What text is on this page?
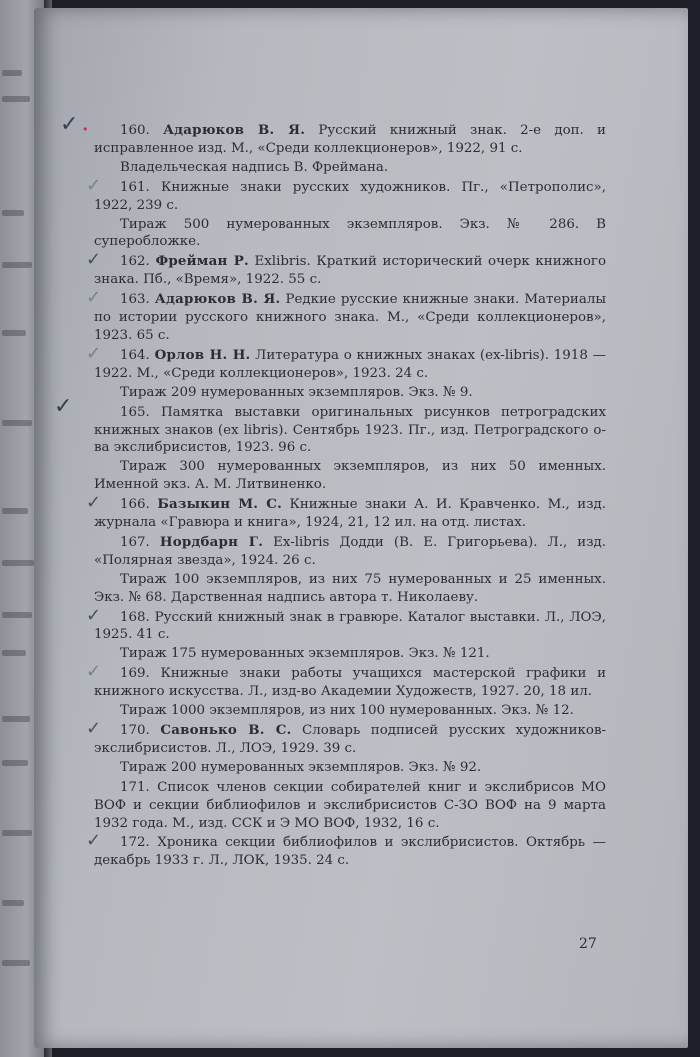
✓ •	160. Адарюков В. Я. Русский книжный знак. 2-е доп. и исправленное изд. М., «Среди коллекционеров», 1922, 91 с.

Владельческая надпись В. Фреймана.

✓	161. Книжные знаки русских художников. Пг., «Петрополис», 1922, 239 с.

Тираж 500 нумерованных экземпляров. Экз. № 286. В суперобложке.

✓	162. Фрейман Р. Exlibris. Краткий исторический очерк книжного знака. Пб., «Время», 1922. 55 с.

✓	163. Адарюков В. Я. Редкие русские книжные знаки. Материалы по истории русского книжного знака. М., «Среди коллекционеров», 1923. 65 с.

✓	164. Орлов Н. Н. Литература о книжных знаках (ex-libris). 1918 — 1922. М., «Среди коллекционеров», 1923. 24 с.

Тираж 209 нумерованных экземпляров. Экз. № 9.

✓	165. Памятка выставки оригинальных рисунков петроградских книжных знаков (ex libris). Сентябрь 1923. Пг., изд. Петроградского о-ва экслибрисистов, 1923. 96 с.

Тираж 300 нумерованных экземпляров, из них 50 именных. Именной экз. А. М. Литвиненко.

✓	166. Базыкин М. С. Книжные знаки А. И. Кравченко. М., изд. журнала «Гравюра и книга», 1924, 21, 12 ил. на отд. листах.

167. Нордбарн Г. Ex-libris Додди (В. Е. Григорьева). Л., изд. «Полярная звезда», 1924. 26 с.

Тираж 100 экземпляров, из них 75 нумерованных и 25 именных. Экз. № 68. Дарственная надпись автора т. Николаеву.

✓	168. Русский книжный знак в гравюре. Каталог выставки. Л., ЛОЭ, 1925. 41 с.

Тираж 175 нумерованных экземпляров. Экз. № 121.

✓	169. Книжные знаки работы учащихся мастерской графики и книжного искусства. Л., изд-во Академии Художеств, 1927. 20, 18 ил.

Тираж 1000 экземпляров, из них 100 нумерованных. Экз. № 12.

✓	170. Савонько В. С. Словарь подписей русских художников-экслибрисистов. Л., ЛОЭ, 1929. 39 с.

Тираж 200 нумерованных экземпляров. Экз. № 92.

171. Список членов секции собирателей книг и экслибрисов МО ВОФ и секции библиофилов и экслибрисистов С-ЗО ВОФ на 9 марта 1932 года. М., изд. ССК и Э МО ВОФ, 1932, 16 с.

✓	172. Хроника секции библиофилов и экслибрисистов. Октябрь — декабрь 1933 г. Л., ЛОК, 1935. 24 с.

27
